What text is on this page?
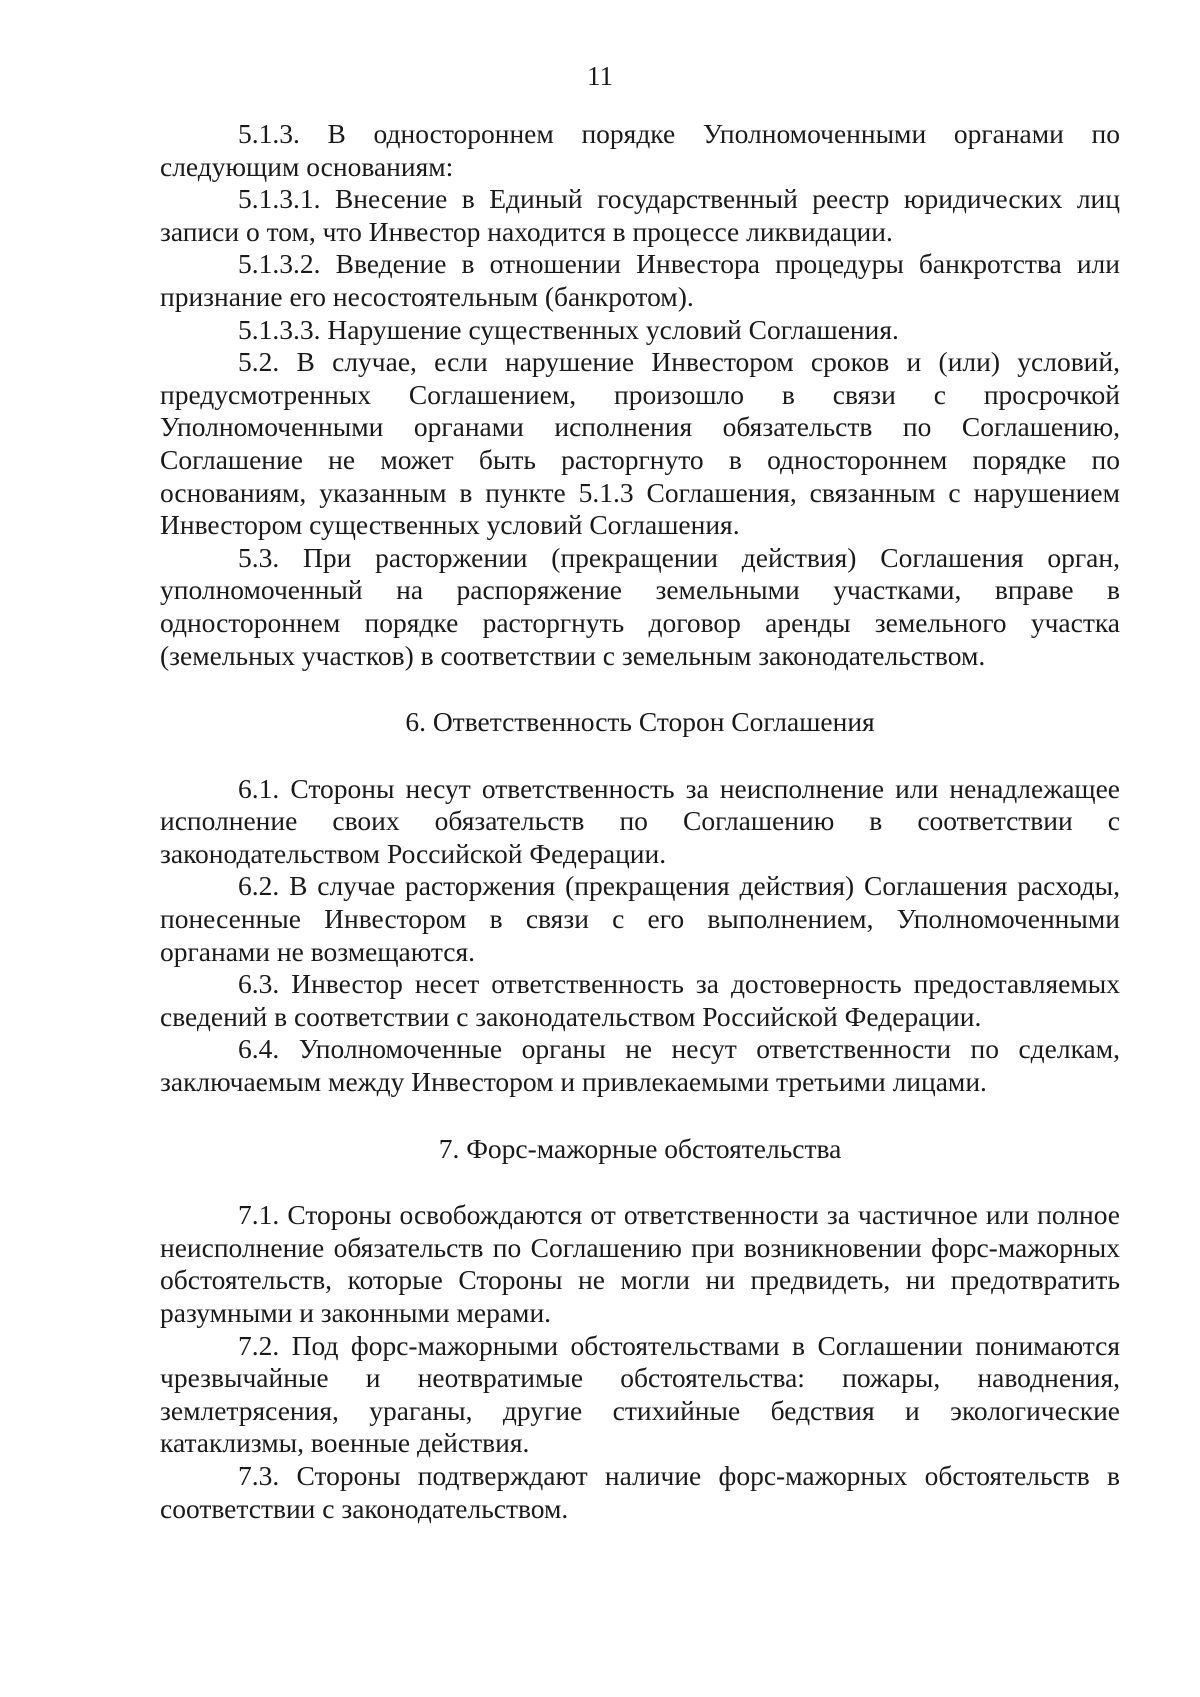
11

5.1.3. В одностороннем порядке Уполномоченными органами по следующим основаниям:

5.1.3.1. Внесение в Единый государственный реестр юридических лиц записи о том, что Инвестор находится в процессе ликвидации.

5.1.3.2. Введение в отношении Инвестора процедуры банкротства или признание его несостоятельным (банкротом).

5.1.3.3. Нарушение существенных условий Соглашения.

5.2. В случае, если нарушение Инвестором сроков и (или) условий, предусмотренных Соглашением, произошло в связи с просрочкой Уполномоченными органами исполнения обязательств по Соглашению, Соглашение не может быть расторгнуто в одностороннем порядке по основаниям, указанным в пункте 5.1.3 Соглашения, связанным с нарушением Инвестором существенных условий Соглашения.

5.3. При расторжении (прекращении действия) Соглашения орган, уполномоченный на распоряжение земельными участками, вправе в одностороннем порядке расторгнуть договор аренды земельного участка (земельных участков) в соответствии с земельным законодательством.

6. Ответственность Сторон Соглашения

6.1. Стороны несут ответственность за неисполнение или ненадлежащее исполнение своих обязательств по Соглашению в соответствии с законодательством Российской Федерации.

6.2. В случае расторжения (прекращения действия) Соглашения расходы, понесенные Инвестором в связи с его выполнением, Уполномоченными органами не возмещаются.

6.3. Инвестор несет ответственность за достоверность предоставляемых сведений в соответствии с законодательством Российской Федерации.

6.4. Уполномоченные органы не несут ответственности по сделкам, заключаемым между Инвестором и привлекаемыми третьими лицами.

7. Форс-мажорные обстоятельства

7.1. Стороны освобождаются от ответственности за частичное или полное неисполнение обязательств по Соглашению при возникновении форс-мажорных обстоятельств, которые Стороны не могли ни предвидеть, ни предотвратить разумными и законными мерами.

7.2. Под форс-мажорными обстоятельствами в Соглашении понимаются чрезвычайные и неотвратимые обстоятельства: пожары, наводнения, землетрясения, ураганы, другие стихийные бедствия и экологические катаклизмы, военные действия.

7.3. Стороны подтверждают наличие форс-мажорных обстоятельств в соответствии с законодательством.
